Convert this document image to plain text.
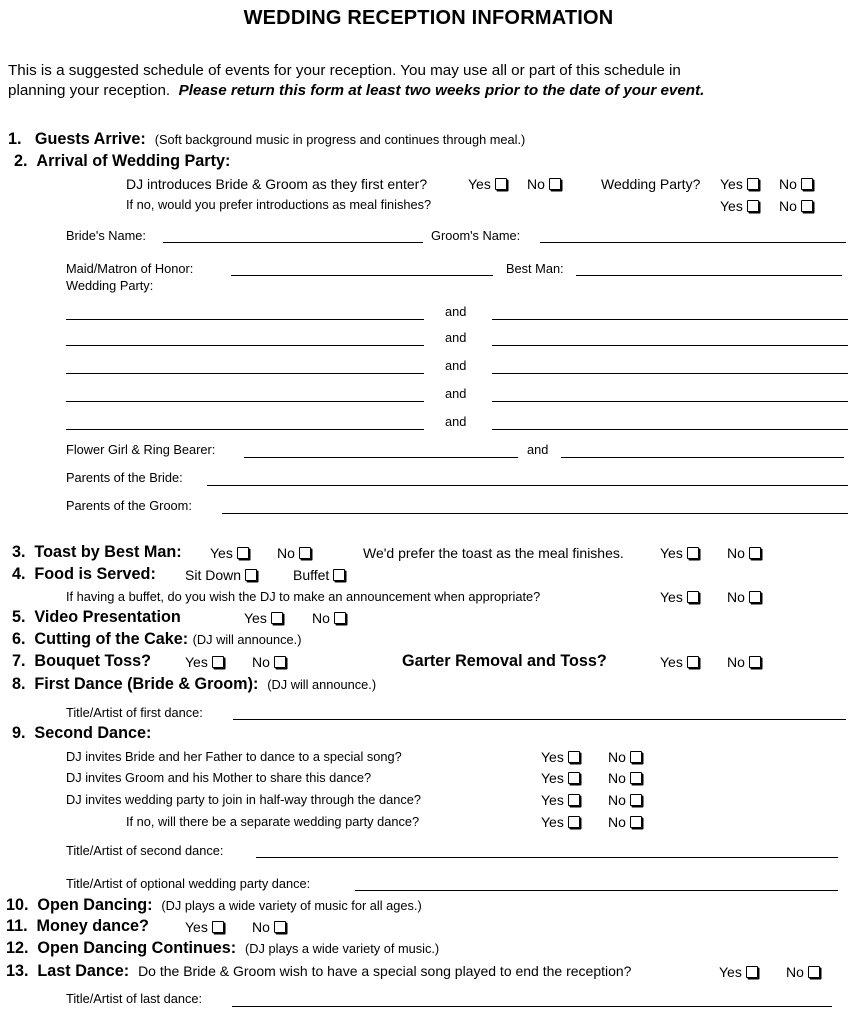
WEDDING RECEPTION INFORMATION
This is a suggested schedule of events for your reception. You may use all or part of this schedule in
planning your reception. Please return this form at least two weeks prior to the date of your event.
1. Guests Arrive: (Soft background music in progress and continues through meal.)
2. Arrival of Wedding Party:
DJ introduces Bride & Groom as they first enter?	Yes	No	Wedding Party? Yes	No
If no, would you prefer introductions as meal finishes?	Yes	No
Bride's Name:	Groom's Name:
Maid/Matron of Honor:	Best Man:
Wedding Party:
and
and
and
and
and
Flower Girl & Ring Bearer:	and
Parents of the Bride:
Parents of the Groom:
3. Toast by Best Man: Yes	No	We'd prefer the toast as the meal finishes.	Yes	No
4. Food is Served: Sit Down	Buffet
If having a buffet, do you wish the DJ to make an announcement when appropriate?	Yes	No
5. Video Presentation	Yes	No
6. Cutting of the Cake: (DJ will announce.)
7. Bouquet Toss? Yes	No	Garter Removal and Toss?	Yes	No
8. First Dance (Bride & Groom): (DJ will announce.)
Title/Artist of first dance:
9. Second Dance:
DJ invites Bride and her Father to dance to a special song?	Yes	No
DJ invites Groom and his Mother to share this dance?	Yes	No
DJ invites wedding party to join in half-way through the dance?	Yes	No
If no, will there be a separate wedding party dance?	Yes	No
Title/Artist of second dance:
Title/Artist of optional wedding party dance:
10. Open Dancing: (DJ plays a wide variety of music for all ages.)
11. Money dance?	Yes	No
12. Open Dancing Continues: (DJ plays a wide variety of music.)
13. Last Dance: Do the Bride & Groom wish to have a special song played to end the reception?	Yes	No
Title/Artist of last dance:
